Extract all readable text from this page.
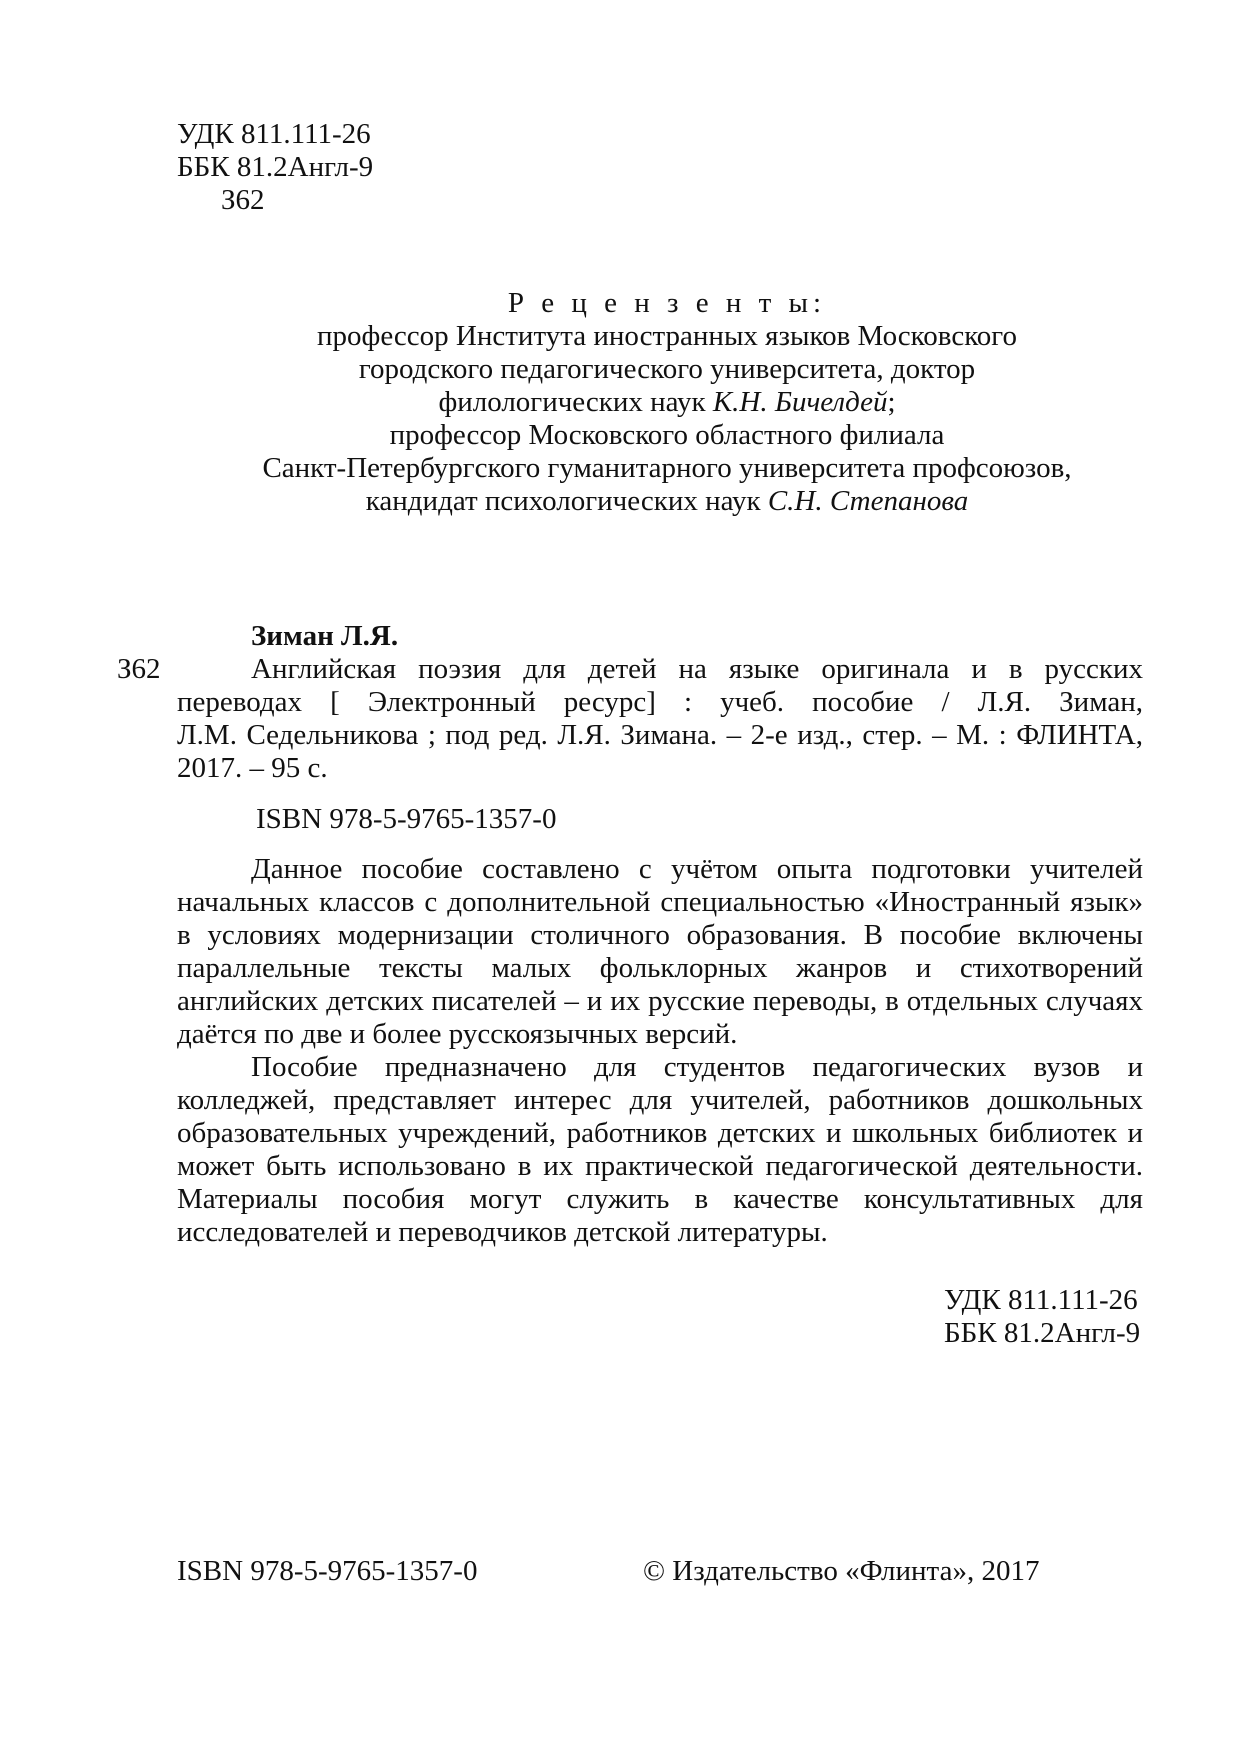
УДК 811.111-26
ББК 81.2Англ-9
З62
Р е ц е н з е н т ы:
профессор Института иностранных языков Московского
городского педагогического университета, доктор
филологических наук К.Н. Бичелдей;
профессор Московского областного филиала
Санкт-Петербургского гуманитарного университета профсоюзов,
кандидат психологических наук С.Н. Степанова
Зиман Л.Я.
З62	Английская поэзия для детей на языке оригинала и в русских
переводах [ Электронный ресурс] : учеб. пособие / Л.Я. Зиман,
Л.М. Седельникова ; под ред. Л.Я. Зимана. – 2-е изд., стер. – М. : ФЛИНТА,
2017. – 95 с.
ISBN 978-5-9765-1357-0
Данное пособие составлено с учётом опыта подготовки учителей
начальных классов с дополнительной специальностью «Иностранный язык»
в условиях модернизации столичного образования. В пособие включены
параллельные тексты малых фольклорных жанров и стихотворений
английских детских писателей – и их русские переводы, в отдельных случаях
даётся по две и более русскоязычных версий.
Пособие предназначено для студентов педагогических вузов и
колледжей, представляет интерес для учителей, работников дошкольных
образовательных учреждений, работников детских и школьных библиотек и
может быть использовано в их практической педагогической деятельности.
Материалы пособия могут служить в качестве консультативных для
исследователей и переводчиков детской литературы.
УДК 811.111-26
ББК 81.2Англ-9
ISBN 978-5-9765-1357-0	© Издательство «Флинта», 2017
